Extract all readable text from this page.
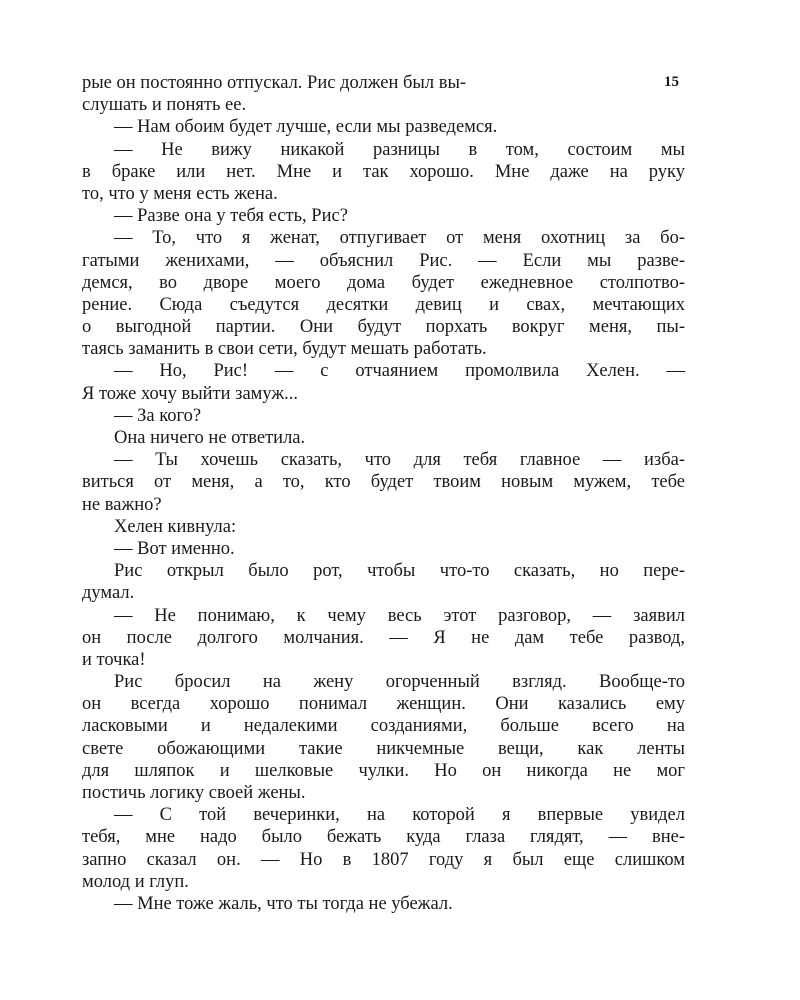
15
рые он постоянно отпускал. Рис должен был вы-
слушать и понять ее.
— Нам обоим будет лучше, если мы разведемся.
— Не вижу никакой разницы в том, состоим мы
в браке или нет. Мне и так хорошо. Мне даже на руку
то, что у меня есть жена.
— Разве она у тебя есть, Рис?
— То, что я женат, отпугивает от меня охотниц за бо-
гатыми женихами, — объяснил Рис. — Если мы разве-
демся, во дворе моего дома будет ежедневное столпотво-
рение. Сюда съедутся десятки девиц и свах, мечтающих
о выгодной партии. Они будут порхать вокруг меня, пы-
таясь заманить в свои сети, будут мешать работать.
— Но, Рис! — с отчаянием промолвила Хелен. —
Я тоже хочу выйти замуж...
— За кого?
Она ничего не ответила.
— Ты хочешь сказать, что для тебя главное — изба-
виться от меня, а то, кто будет твоим новым мужем, тебе
не важно?
Хелен кивнула:
— Вот именно.
Рис открыл было рот, чтобы что-то сказать, но пере-
думал.
— Не понимаю, к чему весь этот разговор, — заявил
он после долгого молчания. — Я не дам тебе развод,
и точка!
Рис бросил на жену огорченный взгляд. Вообще-то
он всегда хорошо понимал женщин. Они казались ему
ласковыми и недалекими созданиями, больше всего на
свете обожающими такие никчемные вещи, как ленты
для шляпок и шелковые чулки. Но он никогда не мог
постичь логику своей жены.
— С той вечеринки, на которой я впервые увидел
тебя, мне надо было бежать куда глаза глядят, — вне-
запно сказал он. — Но в 1807 году я был еще слишком
молод и глуп.
— Мне тоже жаль, что ты тогда не убежал.
